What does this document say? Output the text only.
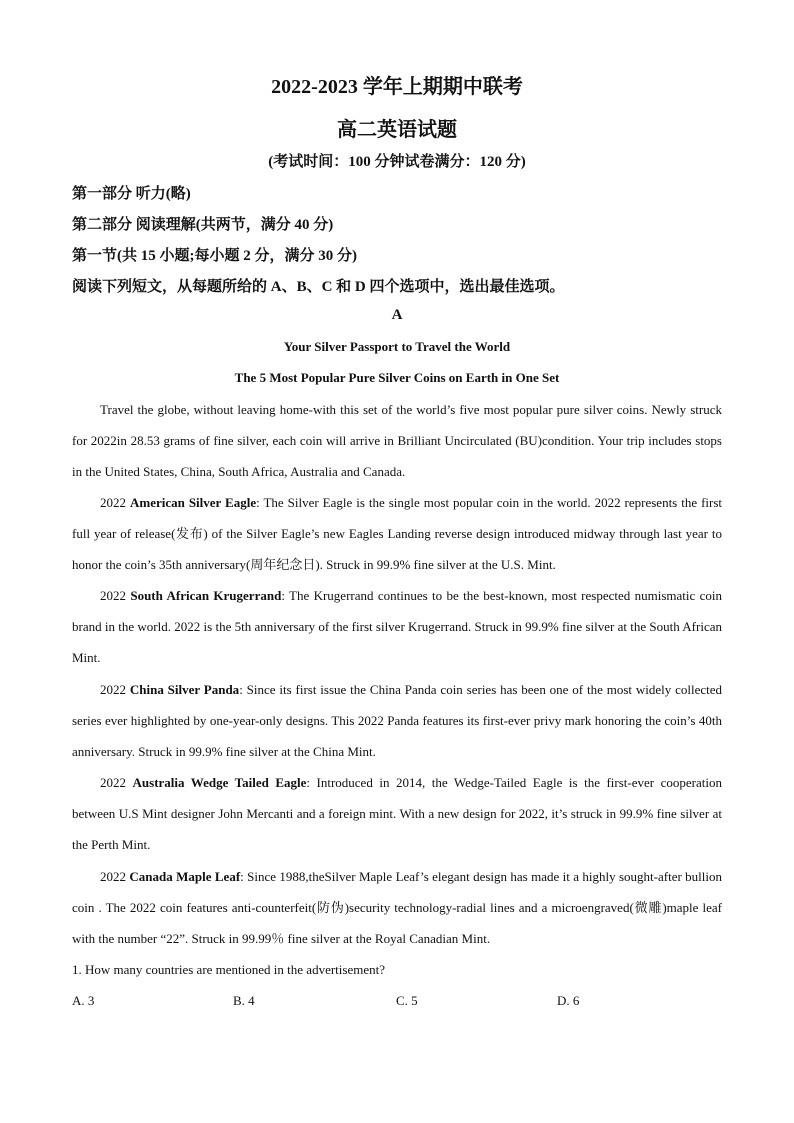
2022-2023 学年上期期中联考
高二英语试题
(考试时间：100 分钟试卷满分：120 分)
第一部分 听力(略)
第二部分 阅读理解(共两节，满分 40 分)
第一节(共 15 小题;每小题 2 分，满分 30 分)
阅读下列短文，从每题所给的 A、B、C 和 D 四个选项中，选出最佳选项。
A
Your Silver Passport to Travel the World
The 5 Most Popular Pure Silver Coins on Earth in One Set

Travel the globe, without leaving home-with this set of the world’s five most popular pure silver coins. Newly struck for 2022in 28.53 grams of fine silver, each coin will arrive in Brilliant Uncirculated (BU)condition. Your trip includes stops in the United States, China, South Africa, Australia and Canada.

2022 American Silver Eagle: The Silver Eagle is the single most popular coin in the world. 2022 represents the first full year of release(发布) of the Silver Eagle’s new Eagles Landing reverse design introduced midway through last year to honor the coin’s 35th anniversary(周年纪念日). Struck in 99.9% fine silver at the U.S. Mint.

2022 South African Krugerrand: The Krugerrand continues to be the best-known, most respected numismatic coin brand in the world. 2022 is the 5th anniversary of the first silver Krugerrand. Struck in 99.9% fine silver at the South African Mint.

2022 China Silver Panda: Since its first issue the China Panda coin series has been one of the most widely collected series ever highlighted by one-year-only designs. This 2022 Panda features its first-ever privy mark honoring the coin’s 40th anniversary. Struck in 99.9% fine silver at the China Mint.

2022 Australia Wedge Tailed Eagle: Introduced in 2014, the Wedge-Tailed Eagle is the first-ever cooperation between U.S Mint designer John Mercanti and a foreign mint. With a new design for 2022, it’s struck in 99.9% fine silver at the Perth Mint.

2022 Canada Maple Leaf: Since 1988,theSilver Maple Leaf’s elegant design has made it a highly sought-after bullion coin . The 2022 coin features anti-counterfeit(防伪)security technology-radial lines and a microengraved(微雕)maple leaf with the number “22”. Struck in 99.99％ fine silver at the Royal Canadian Mint.

1. How many countries are mentioned in the advertisement?
A. 3	B. 4	C. 5	D. 6
